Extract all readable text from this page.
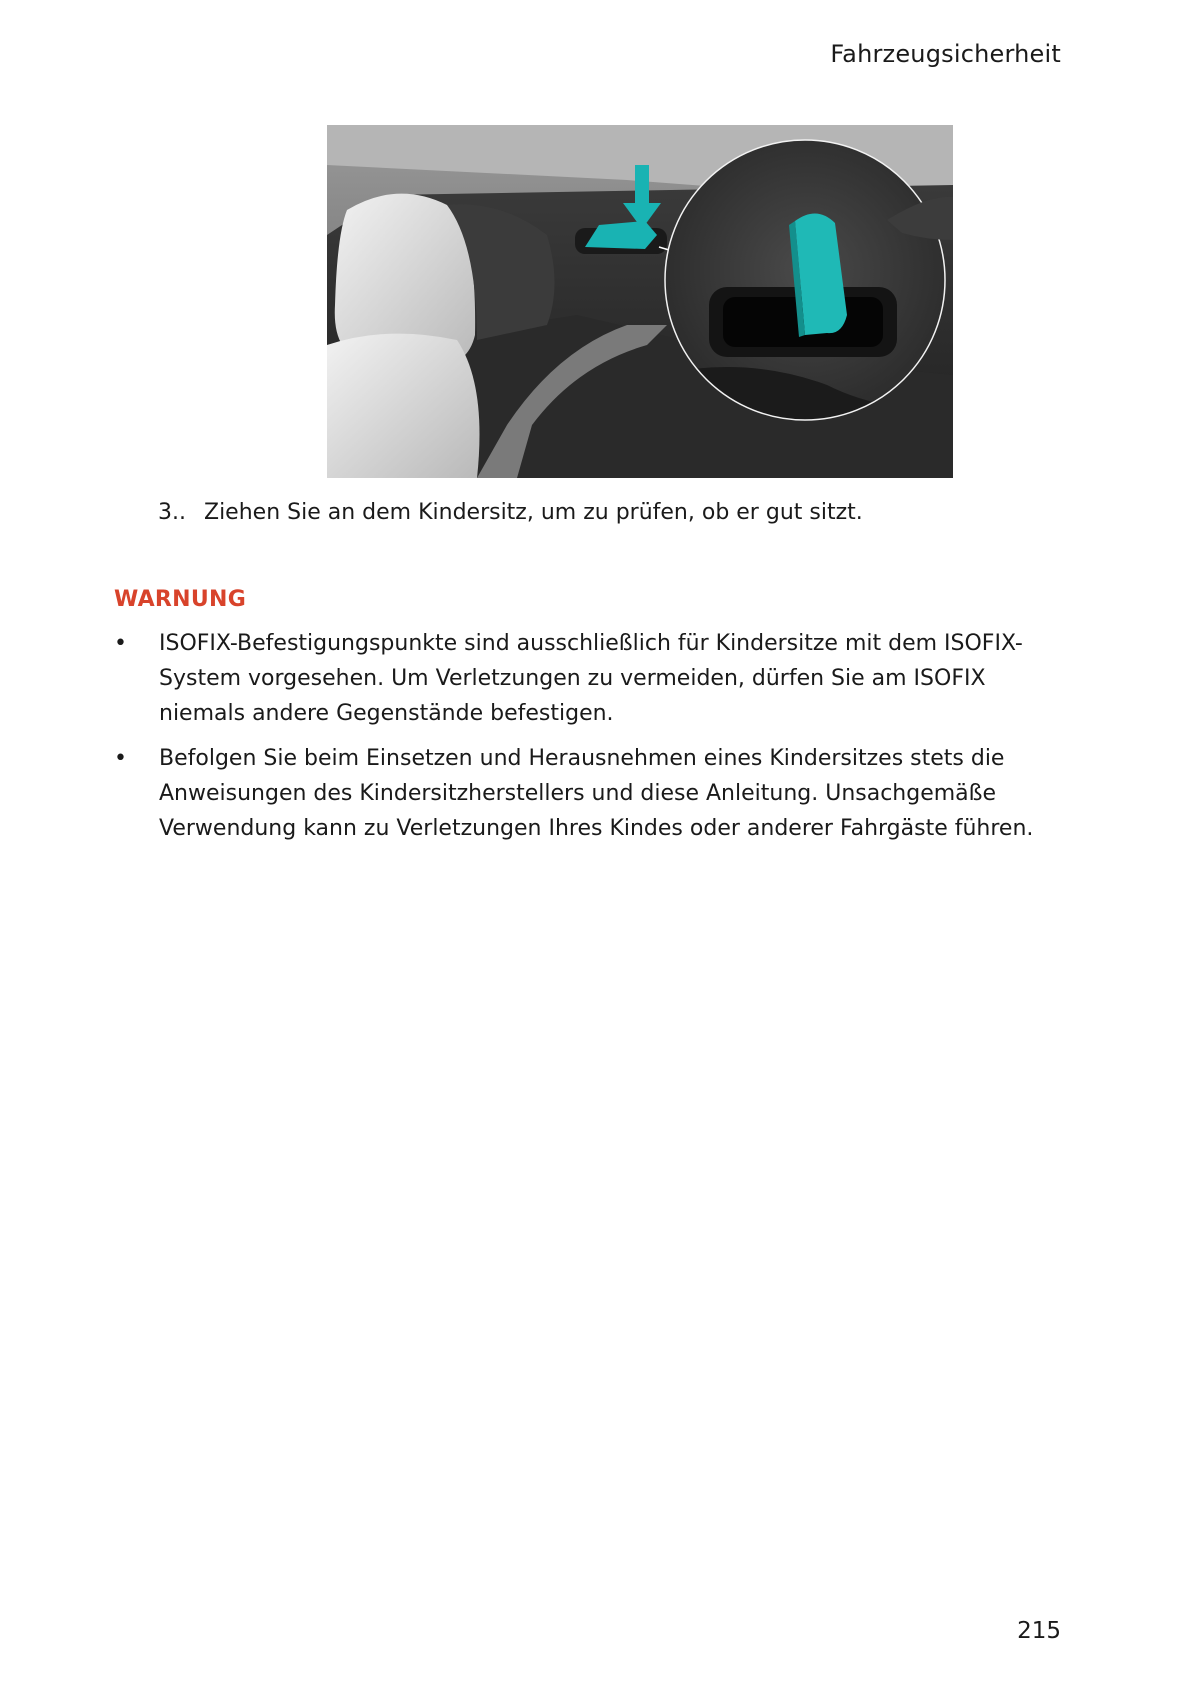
Fahrzeugsicherheit
3.. Ziehen Sie an dem Kindersitz, um zu prüfen, ob er gut sitzt.
WARNUNG
•	ISOFIX-Befestigungspunkte sind ausschließlich für Kindersitze mit dem ISOFIX-System vorgesehen. Um Verletzungen zu vermeiden, dürfen Sie am ISOFIX niemals andere Gegenstände befestigen.
•	Befolgen Sie beim Einsetzen und Herausnehmen eines Kindersitzes stets die Anweisungen des Kindersitzherstellers und diese Anleitung. Unsachgemäße Verwendung kann zu Verletzungen Ihres Kindes oder anderer Fahrgäste führen.
215
